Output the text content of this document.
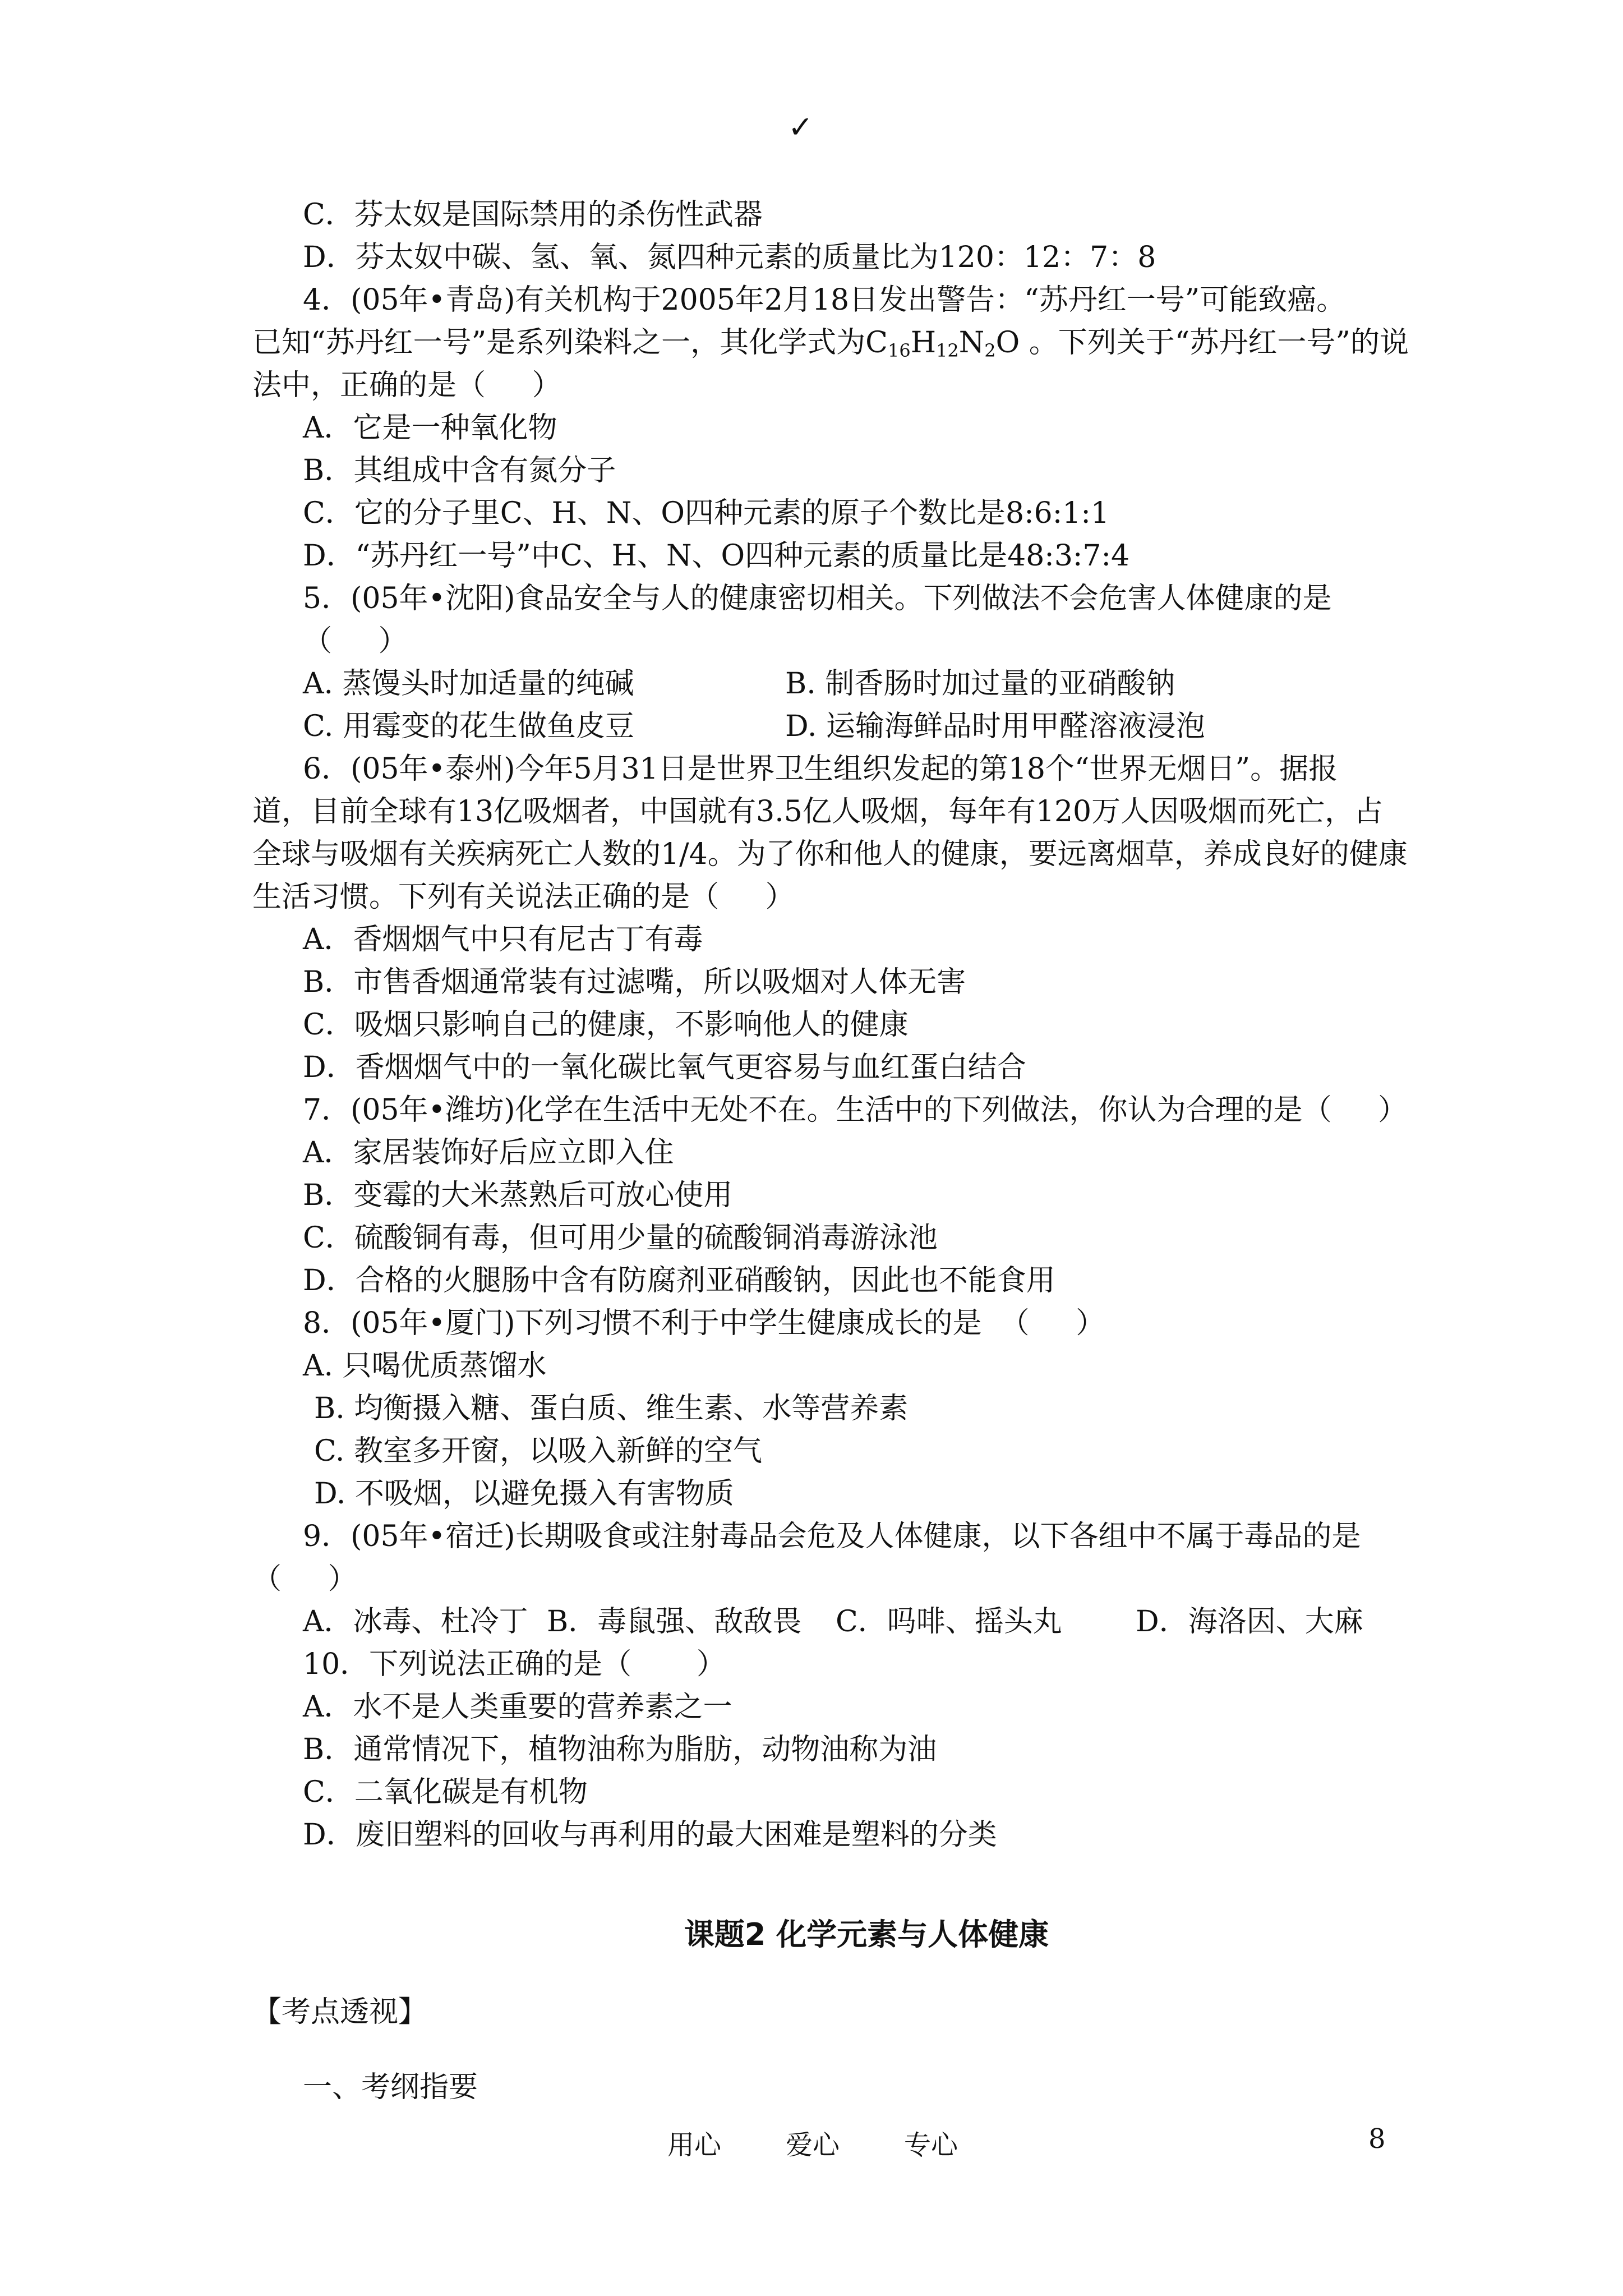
✓
C．芬太奴是国际禁用的杀伤性武器
D．芬太奴中碳、氢、氧、氮四种元素的质量比为120：12：7：8
4．(05年•青岛)有关机构于2005年2月18日发出警告：“苏丹红一号”可能致癌。
已知“苏丹红一号”是系列染料之一，其化学式为$C_{16}H_{12}N_2O$ 。下列关于“苏丹红一号”的说
法中，正确的是（     ）
A．它是一种氧化物
B．其组成中含有氮分子
C．它的分子里C、H、N、O四种元素的原子个数比是8:6:1:1
D．“苏丹红一号”中C、H、N、O四种元素的质量比是48:3:7:4
5．(05年•沈阳)食品安全与人的健康密切相关。下列做法不会危害人体健康的是
（     ）
A. 蒸馒头时加适量的纯碱	B. 制香肠时加过量的亚硝酸钠
C. 用霉变的花生做鱼皮豆	D. 运输海鲜品时用甲醛溶液浸泡
6．(05年•泰州)今年5月31日是世界卫生组织发起的第18个“世界无烟日”。据报
道，目前全球有13亿吸烟者，中国就有3.5亿人吸烟，每年有120万人因吸烟而死亡，占
全球与吸烟有关疾病死亡人数的1/4。为了你和他人的健康，要远离烟草，养成良好的健康
生活习惯。下列有关说法正确的是（     ）
A．香烟烟气中只有尼古丁有毒
B．市售香烟通常装有过滤嘴，所以吸烟对人体无害
C．吸烟只影响自己的健康，不影响他人的健康
D．香烟烟气中的一氧化碳比氧气更容易与血红蛋白结合
7．(05年•潍坊)化学在生活中无处不在。生活中的下列做法，你认为合理的是（     ）
A．家居装饰好后应立即入住
B．变霉的大米蒸熟后可放心使用
C．硫酸铜有毒，但可用少量的硫酸铜消毒游泳池
D．合格的火腿肠中含有防腐剂亚硝酸钠，因此也不能食用
8．(05年•厦门)下列习惯不利于中学生健康成长的是  （     ）
A. 只喝优质蒸馏水
B. 均衡摄入糖、蛋白质、维生素、水等营养素
C. 教室多开窗，以吸入新鲜的空气
D. 不吸烟，以避免摄入有害物质
9．(05年•宿迁)长期吸食或注射毒品会危及人体健康，以下各组中不属于毒品的是
（     ）
A．冰毒、杜冷丁 B．毒鼠强、敌敌畏	C．吗啡、摇头丸	D．海洛因、大麻
10．下列说法正确的是（       ）
A．水不是人类重要的营养素之一
B．通常情况下，植物油称为脂肪，动物油称为油
C．二氧化碳是有机物
D．废旧塑料的回收与再利用的最大困难是塑料的分类
课题2 化学元素与人体健康
【考点透视】
一、考纲指要
用心 爱心 专心	8
